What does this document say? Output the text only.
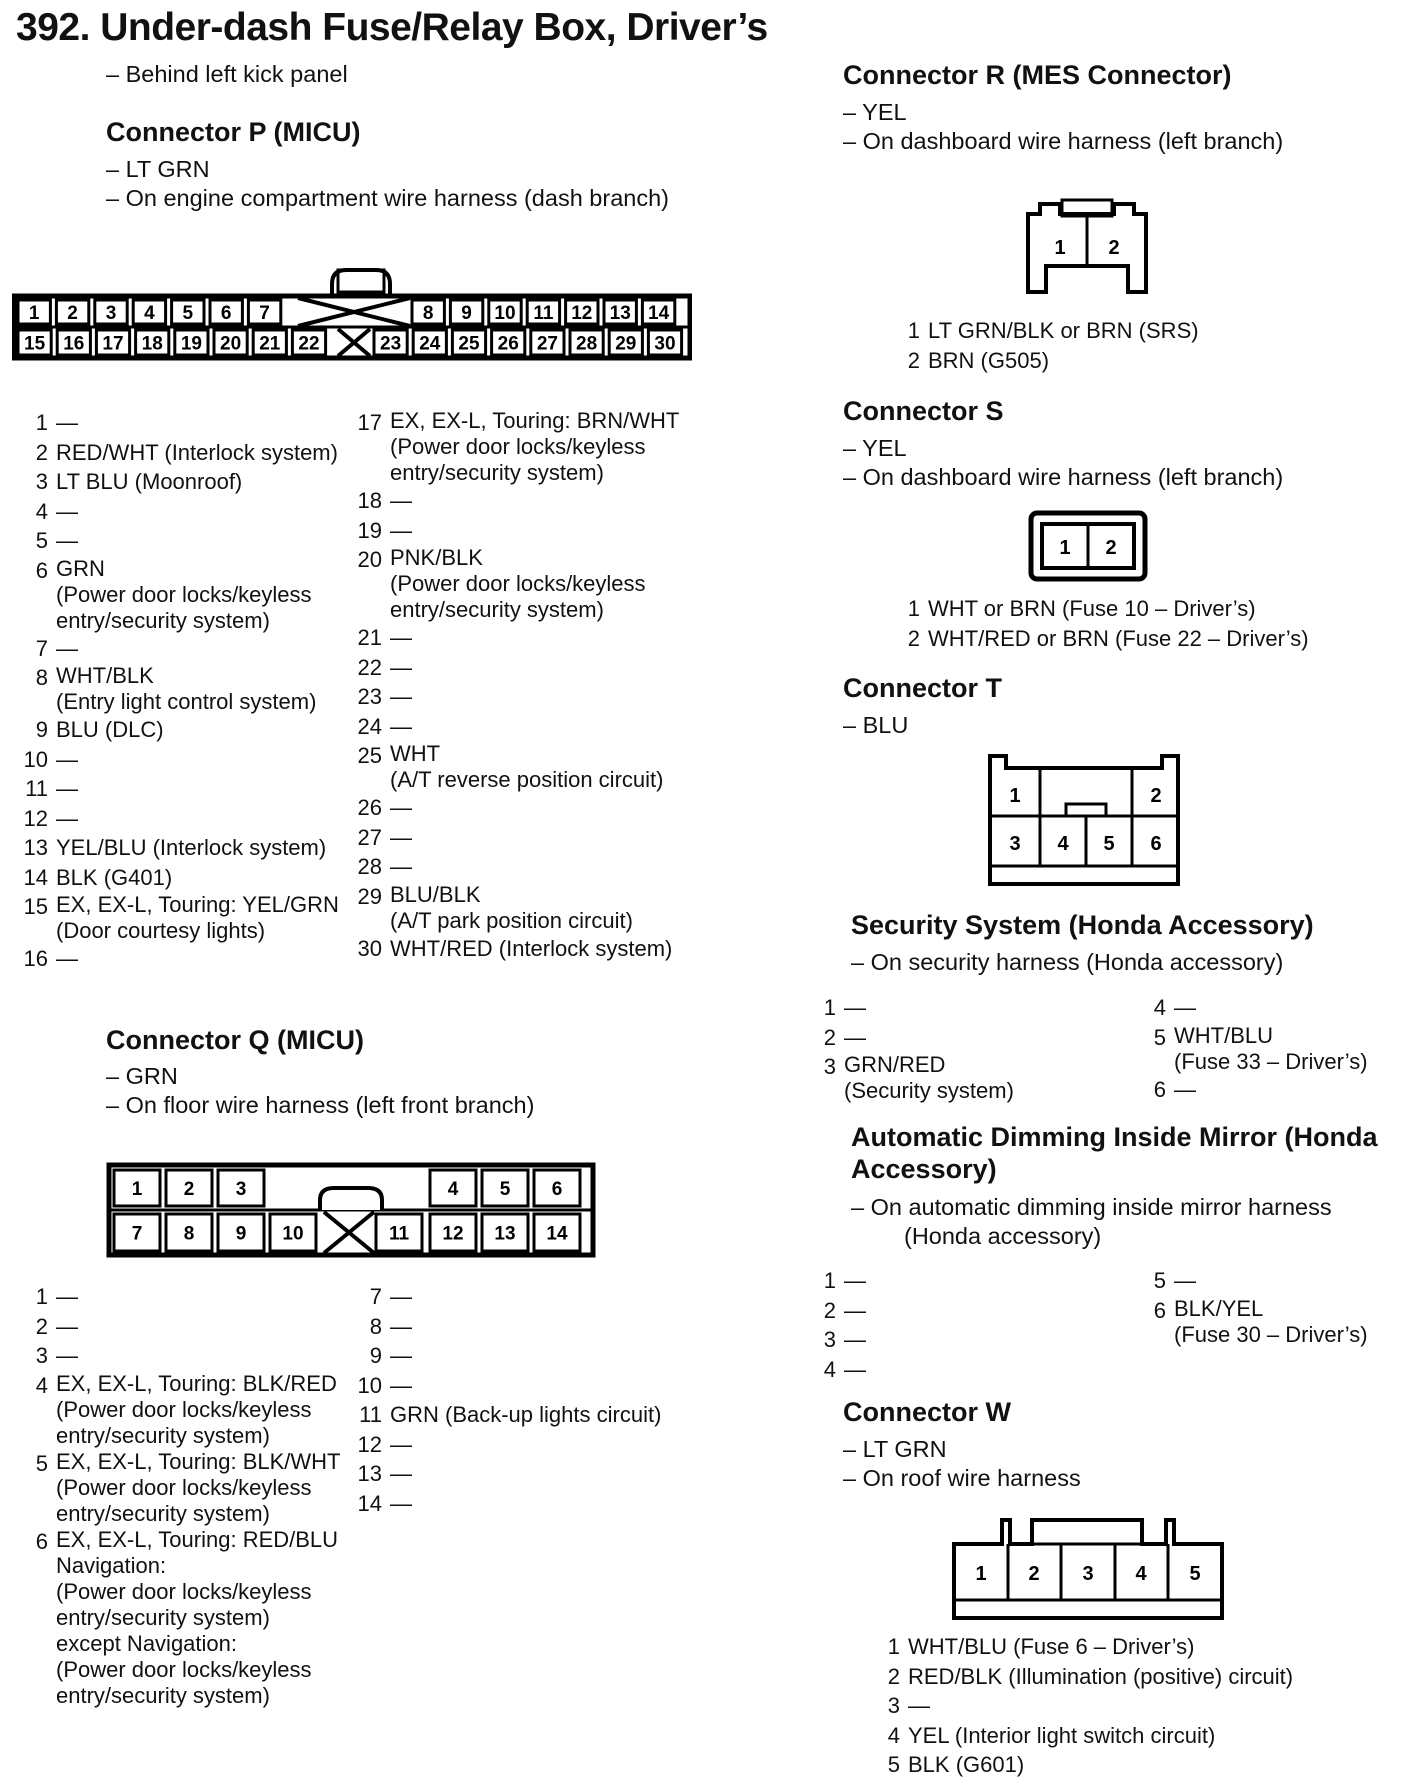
392. Under-dash Fuse/Relay Box, Driver’s
– Behind left kick panel
Connector P (MICU)
– LT GRN
– On engine compartment wire harness (dash branch)
1 2 3 4 5 6 7	8 9 10 11 12 13 14
15 16 17 18 19 20 21 22	23 24 25 26 27 28 29 30
1 —
2 RED/WHT (Interlock system)
3 LT BLU (Moonroof)
4 —
5 —
6 GRN
(Power door locks/keyless
entry/security system)
7 —
8 WHT/BLK
(Entry light control system)
9 BLU (DLC)
10 —
11 —
12 —
13 YEL/BLU (Interlock system)
14 BLK (G401)
15 EX, EX-L, Touring: YEL/GRN
(Door courtesy lights)
16 —
17 EX, EX-L, Touring: BRN/WHT
(Power door locks/keyless
entry/security system)
18 —
19 —
20 PNK/BLK
(Power door locks/keyless
entry/security system)
21 —
22 —
23 —
24 —
25 WHT
(A/T reverse position circuit)
26 —
27 —
28 —
29 BLU/BLK
(A/T park position circuit)
30 WHT/RED (Interlock system)
Connector Q (MICU)
– GRN
– On floor wire harness (left front branch)
1 2 3	4 5 6
7 8 9 10	11 12 13 14
1 —
2 —
3 —
4 EX, EX-L, Touring: BLK/RED
(Power door locks/keyless
entry/security system)
5 EX, EX-L, Touring: BLK/WHT
(Power door locks/keyless
entry/security system)
6 EX, EX-L, Touring: RED/BLU
Navigation:
(Power door locks/keyless
entry/security system)
except Navigation:
(Power door locks/keyless
entry/security system)
7 —
8 —
9 —
10 —
11 GRN (Back-up lights circuit)
12 —
13 —
14 —
Connector R (MES Connector)
– YEL
– On dashboard wire harness (left branch)
1 2
1 LT GRN/BLK or BRN (SRS)
2 BRN (G505)
Connector S
– YEL
– On dashboard wire harness (left branch)
1 2
1 WHT or BRN (Fuse 10 – Driver’s)
2 WHT/RED or BRN (Fuse 22 – Driver’s)
Connector T
– BLU
1	2
3 4 5 6
Security System (Honda Accessory)
– On security harness (Honda accessory)
1 —
2 —
3 GRN/RED
(Security system)
4 —
5 WHT/BLU
(Fuse 33 – Driver’s)
6 —
Automatic Dimming Inside Mirror (Honda
Accessory)
– On automatic dimming inside mirror harness
(Honda accessory)
1 —
2 —
3 —
4 —
5 —
6 BLK/YEL
(Fuse 30 – Driver’s)
Connector W
– LT GRN
– On roof wire harness
1 2 3 4 5
1 WHT/BLU (Fuse 6 – Driver’s)
2 RED/BLK (Illumination (positive) circuit)
3 —
4 YEL (Interior light switch circuit)
5 BLK (G601)
